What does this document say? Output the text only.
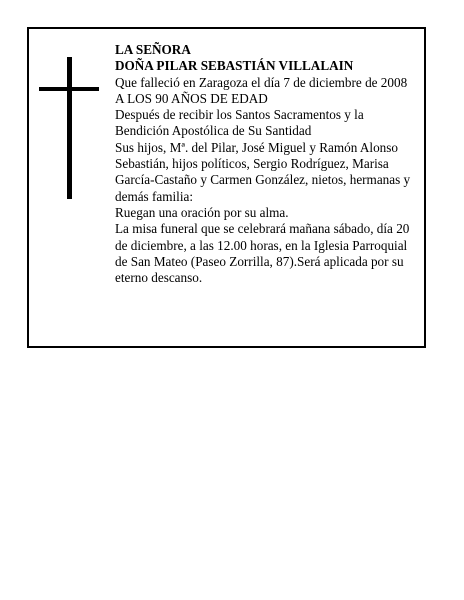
LA SEÑORA

DOÑA PILAR SEBASTIÁN VILLALAIN

Que falleció en Zaragoza el día 7 de diciembre de 2008

A LOS 90 AÑOS DE EDAD

Después de recibir los Santos Sacramentos y la Bendición Apostólica de Su Santidad

Sus hijos, Mª. del Pilar, José Miguel y Ramón Alonso Sebastián, hijos políticos, Sergio Rodríguez, Marisa García-Castaño y Carmen González, nietos, hermanas y demás familia:

Ruegan una oración por su alma.

La misa funeral que se celebrará mañana sábado, día 20 de diciembre, a las 12.00 horas, en la Iglesia Parroquial de San Mateo (Paseo Zorrilla, 87).Será aplicada por su eterno descanso.
